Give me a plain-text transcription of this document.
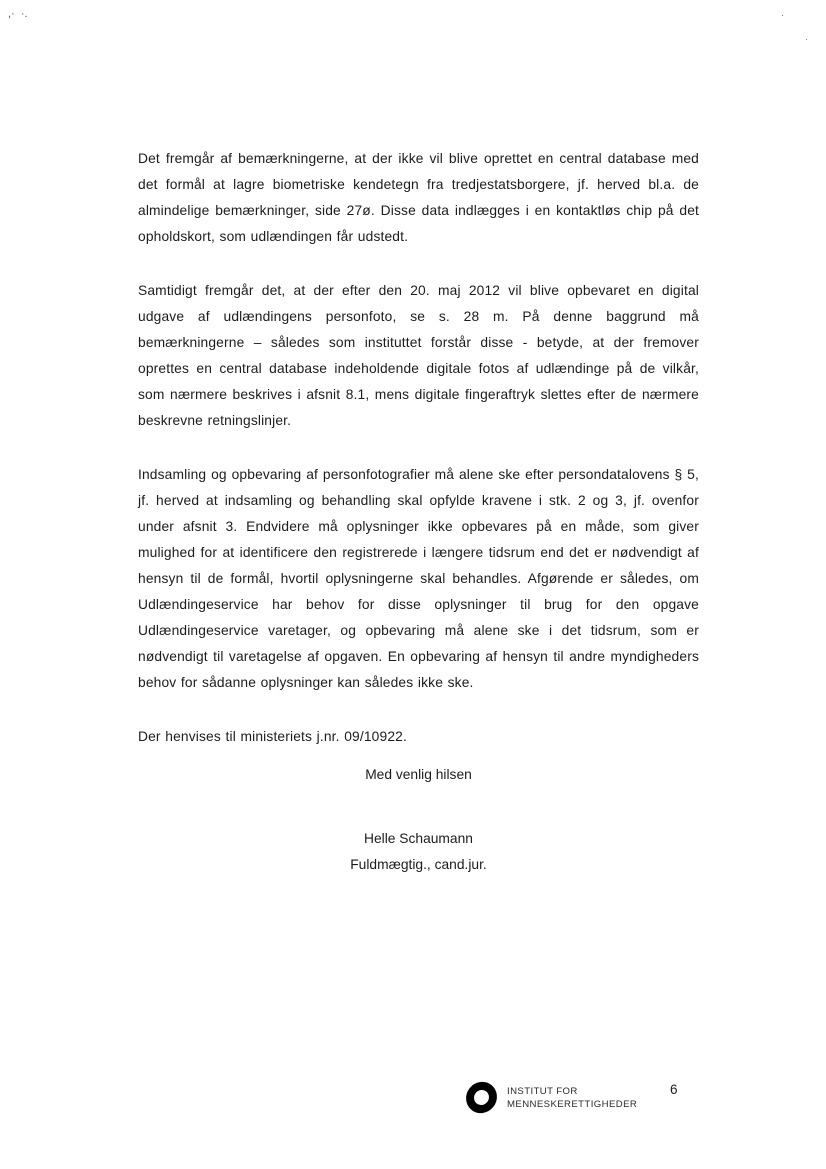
,·  ·.	·
·

Det fremgår af bemærkningerne, at der ikke vil blive oprettet en central database med det formål at lagre biometriske kendetegn fra tredjestatsborgere, jf. herved bl.a. de almindelige bemærkninger, side 27ø. Disse data indlægges i en kontaktløs chip på det opholdskort, som udlændingen får udstedt.

Samtidigt fremgår det, at der efter den 20. maj 2012 vil blive opbevaret en digital udgave af udlændingens personfoto, se s. 28 m. På denne baggrund må bemærkningerne – således som instituttet forstår disse - betyde, at der fremover oprettes en central database indeholdende digitale fotos af udlændinge på de vilkår, som nærmere beskrives i afsnit 8.1, mens digitale fingeraftryk slettes efter de nærmere beskrevne retningslinjer.

Indsamling og opbevaring af personfotografier må alene ske efter persondatalovens § 5, jf. herved at indsamling og behandling skal opfylde kravene i stk. 2 og 3, jf. ovenfor under afsnit 3. Endvidere må oplysninger ikke opbevares på en måde, som giver mulighed for at identificere den registrerede i længere tidsrum end det er nødvendigt af hensyn til de formål, hvortil oplysningerne skal behandles. Afgørende er således, om Udlændingeservice har behov for disse oplysninger til brug for den opgave Udlændingeservice varetager, og opbevaring må alene ske i det tidsrum, som er nødvendigt til varetagelse af opgaven. En opbevaring af hensyn til andre myndigheders behov for sådanne oplysninger kan således ikke ske.

Der henvises til ministeriets j.nr. 09/10922.

Med venlig hilsen
Helle Schaumann
Fuldmægtig., cand.jur.
INSTITUT FOR
MENNESKERETTIGHEDER
6
